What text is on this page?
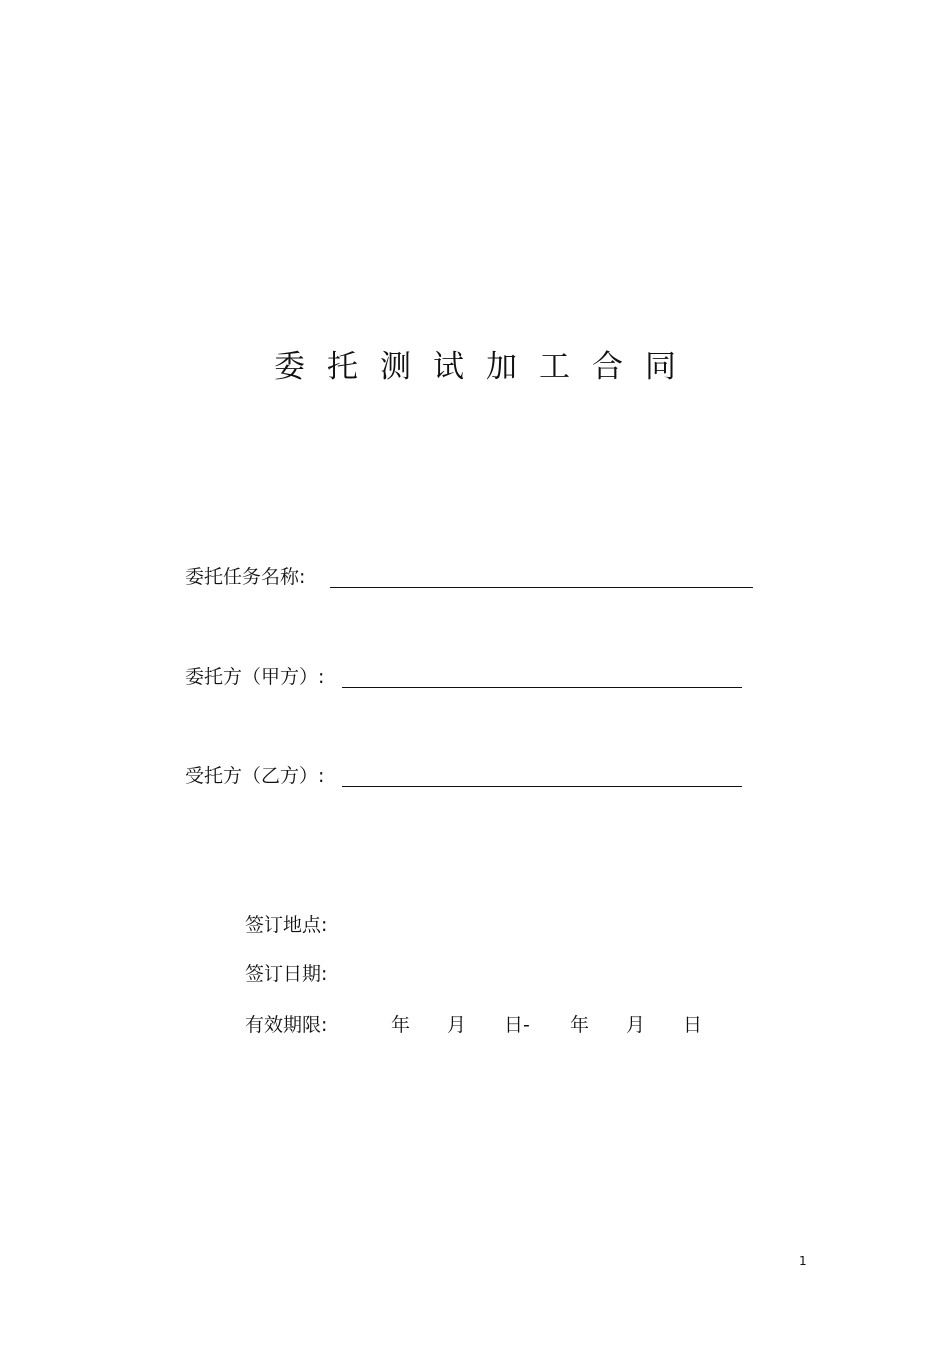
委托测试加工合同
委托任务名称:
委托方（甲方）:
受托方（乙方）:
签订地点:
签订日期:
有效期限:	年 月 日- 年 月 日
1
